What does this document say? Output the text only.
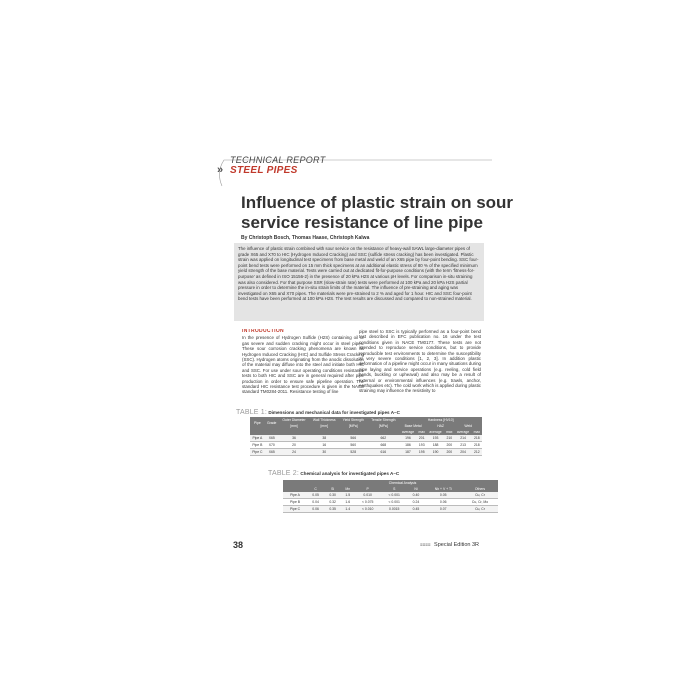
»
TECHNICAL REPORT
STEEL PIPES
Influence of plastic strain on sour service resistance of line pipe
By Christoph Bosch, Thomas Haase, Christoph Kalwa
The influence of plastic strain combined with sour service on the resistance of heavy-wall SAWL large-diameter pipes of grade X65 and X70 to HIC (Hydrogen Induced Cracking) and SSC (sulfide stress cracking) has been investigated. Plastic strain was applied on longitudinal test specimens from base metal and weld of an X65 pipe by four-point bending. SSC four-point bend tests were performed on 15 mm thick specimens at an additional elastic stress of 80 % of the specified minimum yield strength of the base material. Tests were carried out at dedicated fit-for-purpose conditions (with the term 'fitness-for-purpose' as defined in ISO 15156-2) in the presence of 20 kPa H2S at various pH levels. For comparison in-situ straining was also considered. For that purpose SSR (slow-strain rate) tests were performed at 100 kPa and 20 kPa H2S partial pressure in order to determine the in-situ strain limits of the material. The influence of pre-straining and aging was investigated on X65 and X70 pipes. The materials were pre-strained to 2 % and aged for 1 hour. HIC and SSC four-point bend tests have been performed at 100 kPa H2S. The test results are discussed and compared to non-strained material.
INTRODUCTION
In the presence of Hydrogen Sulfide (H2S) containing oil or gas severe and sudden cracking might occur in steel pipes. These sour corrosion cracking phenomena are known as Hydrogen Induced Cracking (HIC) and Sulfide Stress Cracking (SSC). Hydrogen atoms originating from the anodic dissolution of the material may diffuse into the steel and initiate both HIC and SSC. For use under sour operating conditions resistance tests to both HIC and SSC are in general required after pipe production in order to ensure safe pipeline operation. The standard HIC resistance test procedure is given in the NACE standard TM0284-2011. Resistance testing of line
pipe steel to SSC is typically performed as a four-point bend test described in EFC publication no. 16 under the test conditions given in NACE TM0177. These tests are not intended to reproduce service conditions, but to provide reproducible test environments to determine the susceptibility at very severe conditions [1, 2, 3]. In addition plastic deformation of a pipeline might occur in many situations during pipe laying and service operations (e.g. reeling, cold field bends, buckling or upheaval) and also may be a result of external or environmental influences (e.g. trawls, anchor, earthquakes etc). The cold work which is applied during plastic straining may influence the resistivity to
TABLE 1: Dimensions and mechanical data for investigated pipes A–C
Pipe	Grade	Outer Diameter	Wall Thickness	Yield Strength	Tensile Strength	Hardness [HV10]					
		[mm]	[mm]	[MPa]	[MPa]	Base Metal		HAZ		Weld	
						average	max	average	max	average	max
Pipe A	X65	36	38	566	662	196	201	193	210	214	218
Pipe B	X70	20	16	560	668	186	193	188	200	213	218
Pipe C	X65	24	30	528	616	187	195	190	200	204	212
TABLE 2: Chemical analysis for investigated pipes A–C
	Chemical Analysis							
	C	Si	Mn	P	S	Ni	Nb + V + Ti	Others
Pipe A	0.05	0.30	1.5	0.010	< 0.001	0.40	0.05	Cu, Cr
Pipe B	0.04	0.32	1.6	< 0.075	< 0.001	0.24	0.06	Cu, Cr, Mo
Pipe C	0.06	0.35	1.4	< 0.010	0.0015	0.45	0.07	Cu, Cr
38	≡≡≡≡ Special Edition 3R
